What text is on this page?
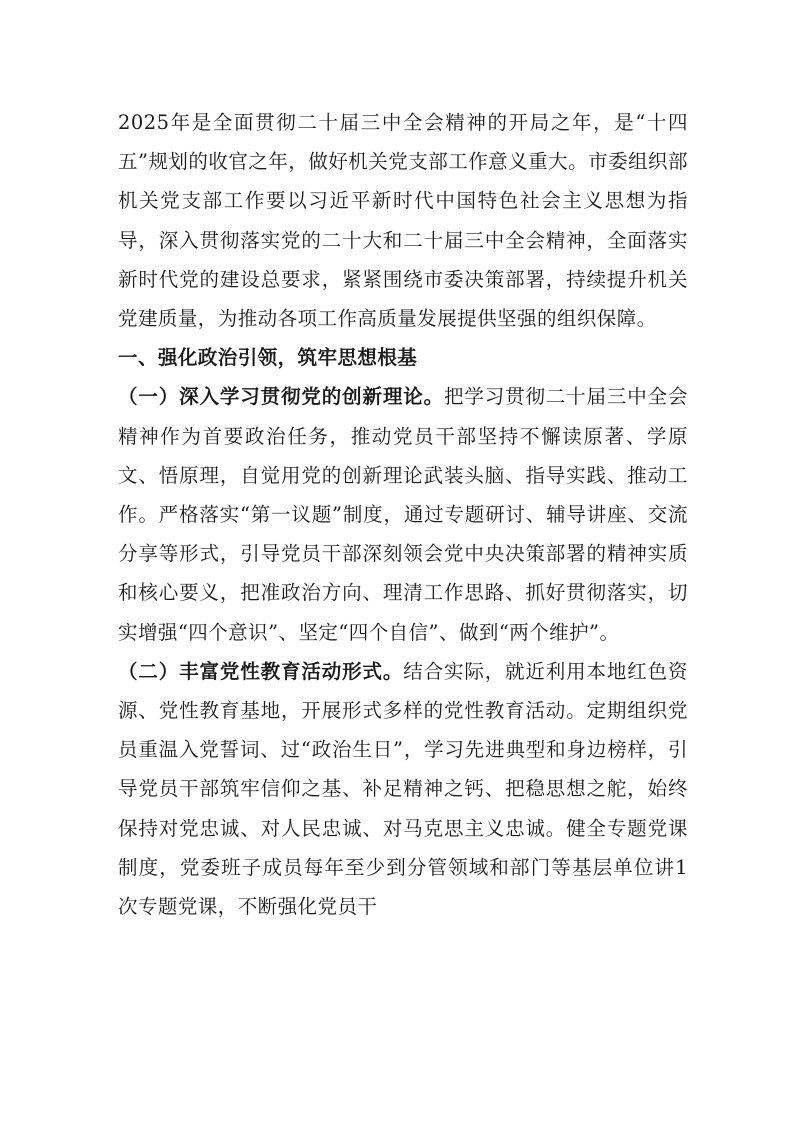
2025年是全面贯彻二十届三中全会精神的开局之年，是“十四五”规划的收官之年，做好机关党支部工作意义重大。市委组织部机关党支部工作要以习近平新时代中国特色社会主义思想为指导，深入贯彻落实党的二十大和二十届三中全会精神，全面落实新时代党的建设总要求，紧紧围绕市委决策部署，持续提升机关党建质量，为推动各项工作高质量发展提供坚强的组织保障。

一、强化政治引领，筑牢思想根基

（一）深入学习贯彻党的创新理论。把学习贯彻二十届三中全会精神作为首要政治任务，推动党员干部坚持不懈读原著、学原文、悟原理，自觉用党的创新理论武装头脑、指导实践、推动工作。严格落实“第一议题”制度，通过专题研讨、辅导讲座、交流分享等形式，引导党员干部深刻领会党中央决策部署的精神实质和核心要义，把准政治方向、理清工作思路、抓好贯彻落实，切实增强“四个意识”、坚定“四个自信”、做到“两个维护”。

（二）丰富党性教育活动形式。结合实际，就近利用本地红色资源、党性教育基地，开展形式多样的党性教育活动。定期组织党员重温入党誓词、过“政治生日”，学习先进典型和身边榜样，引导党员干部筑牢信仰之基、补足精神之钙、把稳思想之舵，始终保持对党忠诚、对人民忠诚、对马克思主义忠诚。健全专题党课制度，党委班子成员每年至少到分管领域和部门等基层单位讲1次专题党课，不断强化党员干
